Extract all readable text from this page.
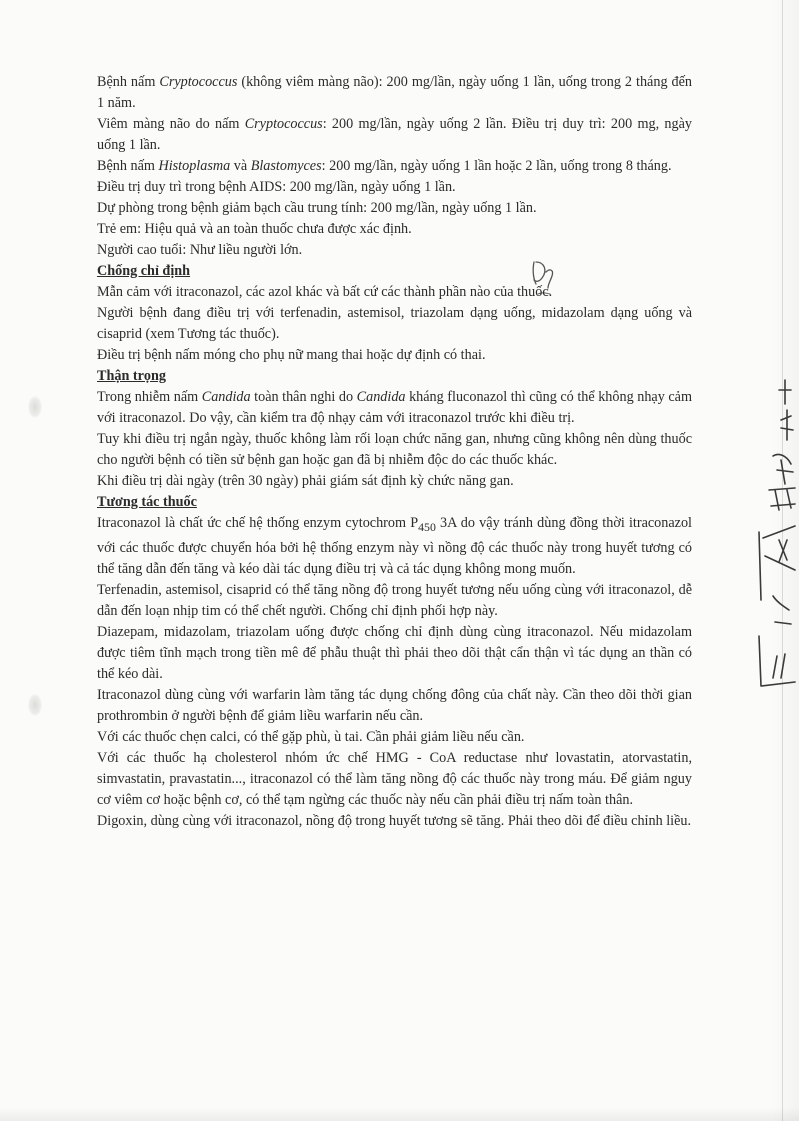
Bệnh nấm Cryptococcus (không viêm màng não): 200 mg/lần, ngày uống 1 lần, uống trong 2 tháng đến 1 năm.

Viêm màng não do nấm Cryptococcus: 200 mg/lần, ngày uống 2 lần. Điều trị duy trì: 200 mg, ngày uống 1 lần.

Bệnh nấm Histoplasma và Blastomyces: 200 mg/lần, ngày uống 1 lần hoặc 2 lần, uống trong 8 tháng.

Điều trị duy trì trong bệnh AIDS: 200 mg/lần, ngày uống 1 lần.

Dự phòng trong bệnh giảm bạch cầu trung tính: 200 mg/lần, ngày uống 1 lần.

Trẻ em: Hiệu quả và an toàn thuốc chưa được xác định.

Người cao tuổi: Như liều người lớn.

Chống chỉ định

Mẫn cảm với itraconazol, các azol khác và bất cứ các thành phần nào của thuốc.

Người bệnh đang điều trị với terfenadin, astemisol, triazolam dạng uống, midazolam dạng uống và cisaprid (xem Tương tác thuốc).

Điều trị bệnh nấm móng cho phụ nữ mang thai hoặc dự định có thai.

Thận trọng

Trong nhiễm nấm Candida toàn thân nghi do Candida kháng fluconazol thì cũng có thể không nhạy cảm với itraconazol. Do vậy, cần kiểm tra độ nhạy cảm với itraconazol trước khi điều trị.

Tuy khi điều trị ngắn ngày, thuốc không làm rối loạn chức năng gan, nhưng cũng không nên dùng thuốc cho người bệnh có tiền sử bệnh gan hoặc gan đã bị nhiễm độc do các thuốc khác.

Khi điều trị dài ngày (trên 30 ngày) phải giám sát định kỳ chức năng gan.

Tương tác thuốc

Itraconazol là chất ức chế hệ thống enzym cytochrom $P_{450}$ 3A do vậy tránh dùng đồng thời itraconazol với các thuốc được chuyển hóa bởi hệ thống enzym này vì nồng độ các thuốc này trong huyết tương có thể tăng dẫn đến tăng và kéo dài tác dụng điều trị và cả tác dụng không mong muốn.

Terfenadin, astemisol, cisaprid có thể tăng nồng độ trong huyết tương nếu uống cùng với itraconazol, dễ dẫn đến loạn nhịp tim có thể chết người. Chống chỉ định phối hợp này.

Diazepam, midazolam, triazolam uống được chống chỉ định dùng cùng itraconazol. Nếu midazolam được tiêm tĩnh mạch trong tiền mê để phẫu thuật thì phải theo dõi thật cẩn thận vì tác dụng an thần có thể kéo dài.

Itraconazol dùng cùng với warfarin làm tăng tác dụng chống đông của chất này. Cần theo dõi thời gian prothrombin ở người bệnh để giảm liều warfarin nếu cần.

Với các thuốc chẹn calci, có thể gặp phù, ù tai. Cần phải giảm liều nếu cần.

Với các thuốc hạ cholesterol nhóm ức chế HMG - CoA reductase như lovastatin, atorvastatin, simvastatin, pravastatin..., itraconazol có thể làm tăng nồng độ các thuốc này trong máu. Để giảm nguy cơ viêm cơ hoặc bệnh cơ, có thể tạm ngừng các thuốc này nếu cần phải điều trị nấm toàn thân.

Digoxin, dùng cùng với itraconazol, nồng độ trong huyết tương sẽ tăng. Phải theo dõi để điều chỉnh liều.
